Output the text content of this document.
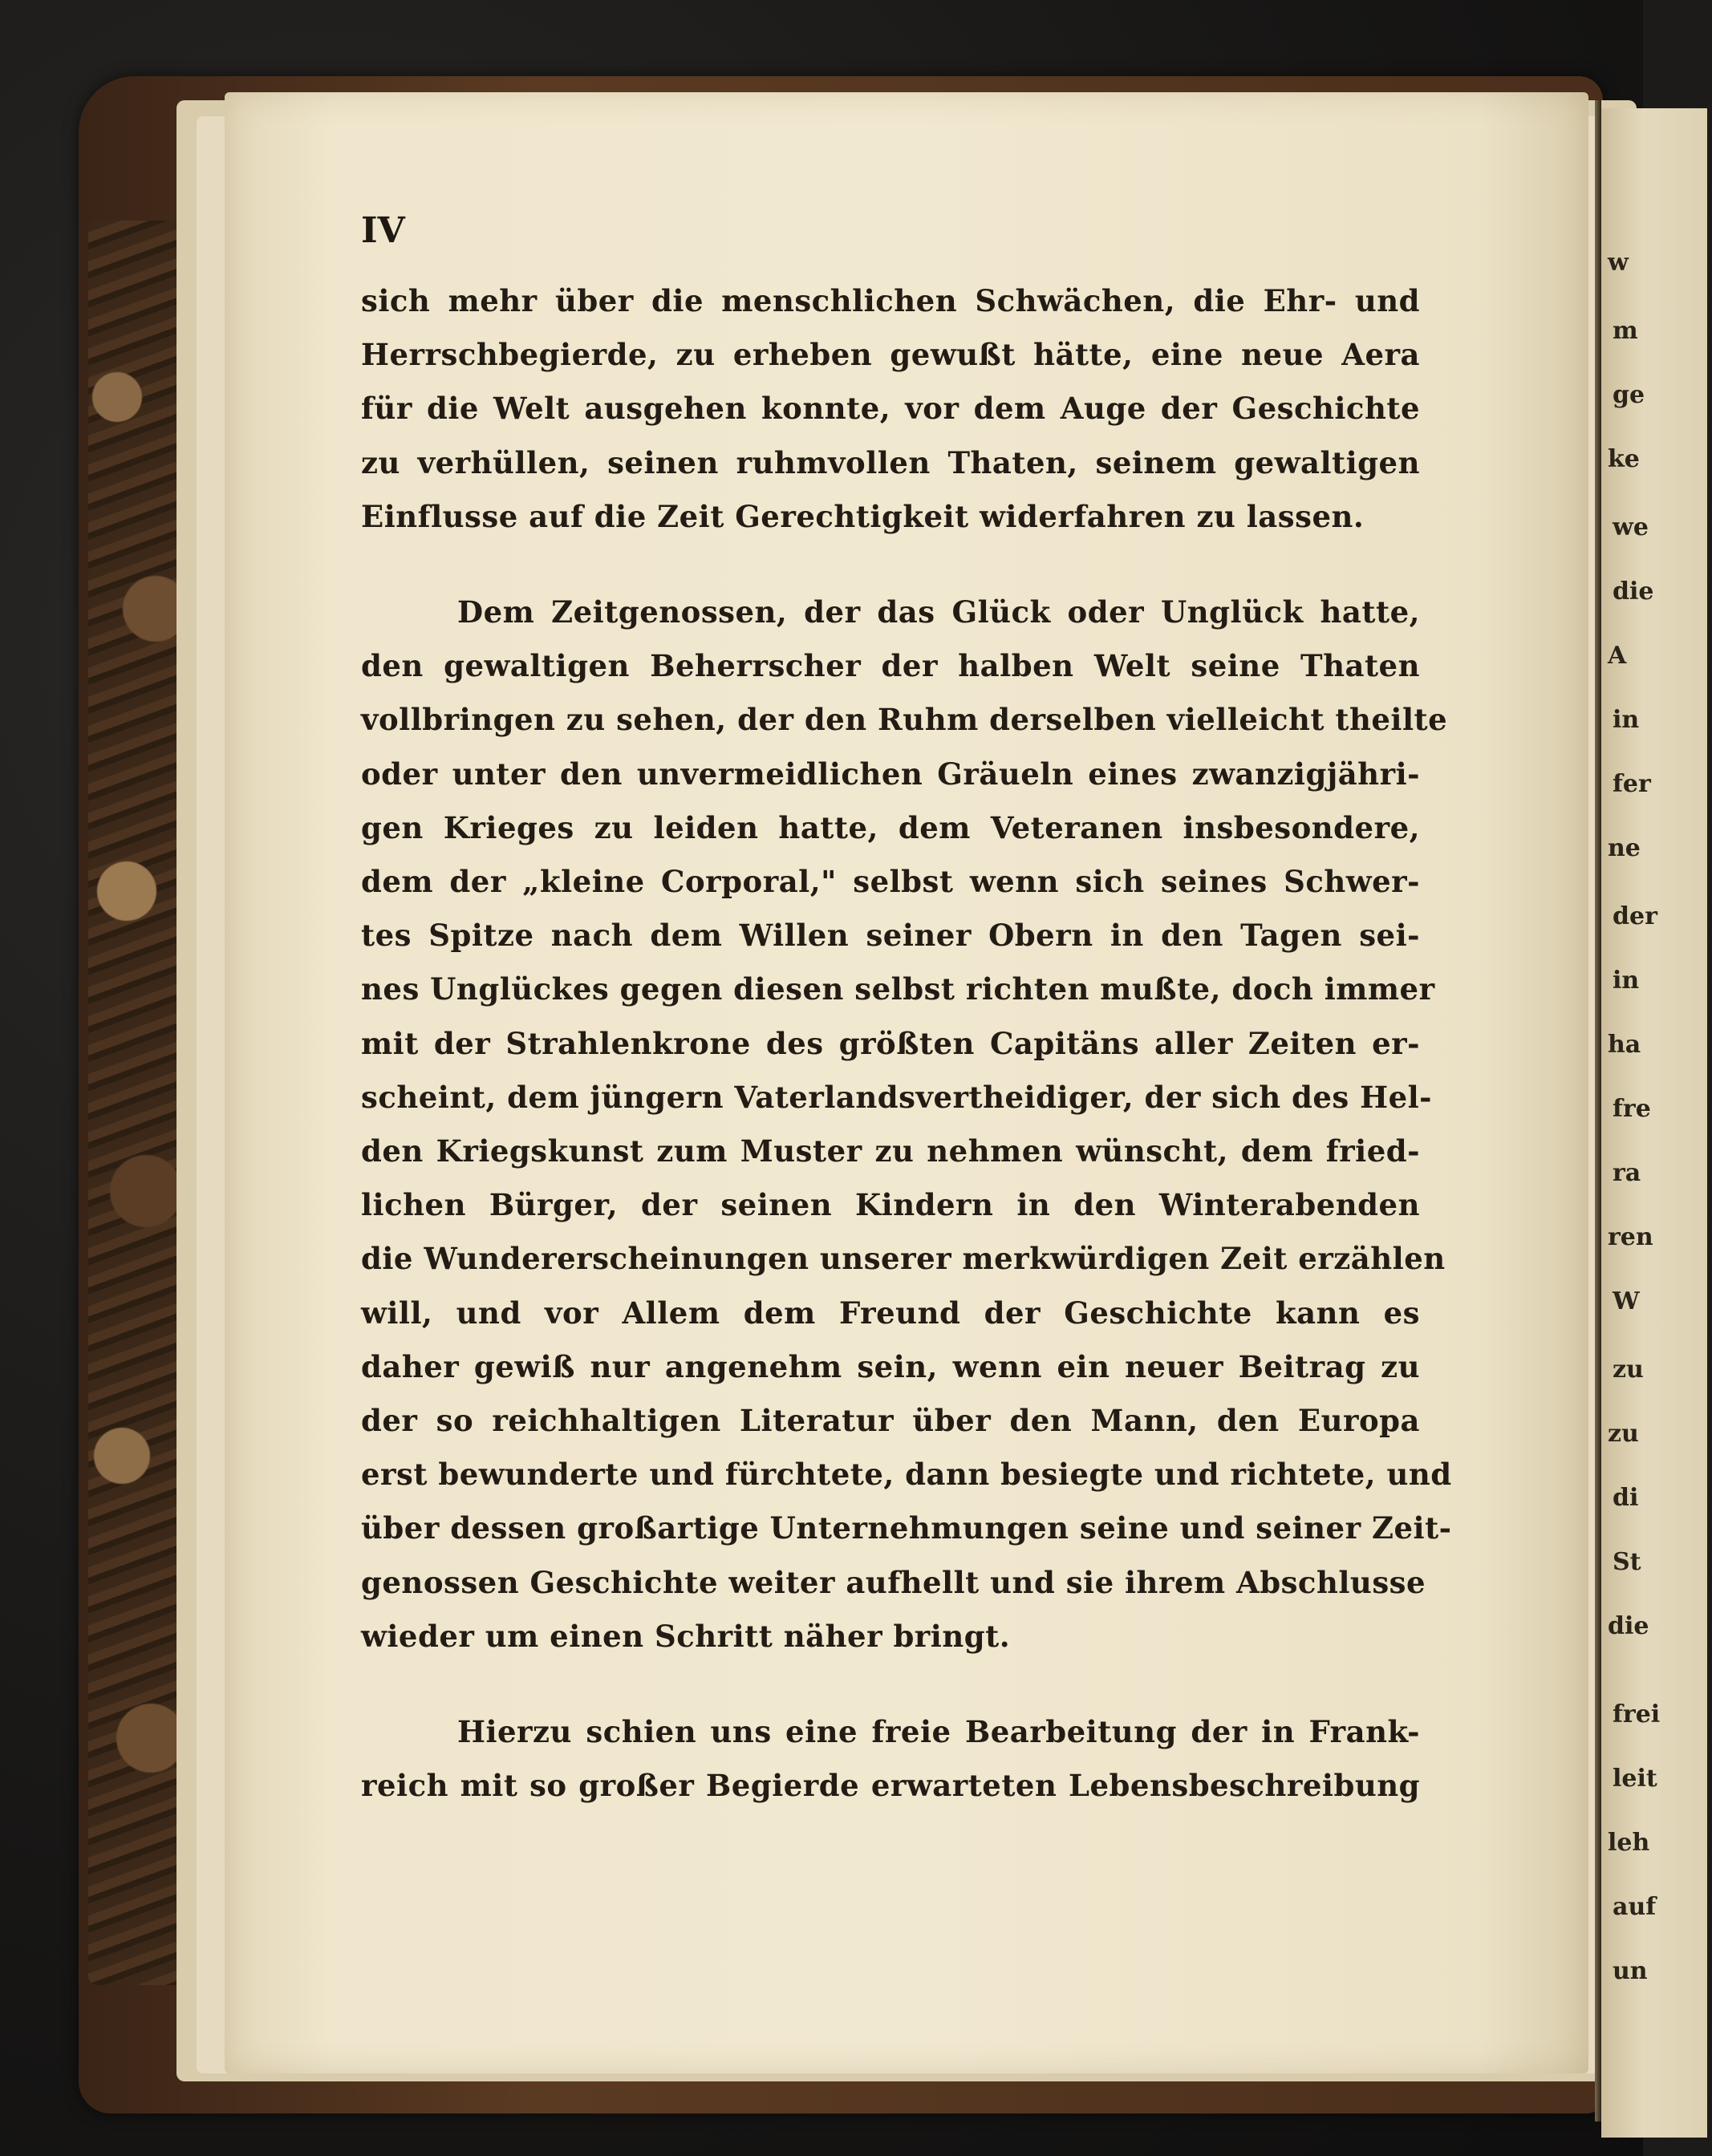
w
m
ge
ke
we
die
A
in
fer
ne
der
in
ha
fre
ra
ren
W
zu
zu
di
St
die
frei
leit
leh
auf
un
IV
sich mehr über die menschlichen Schwächen, die Ehr- und
Herrschbegierde, zu erheben gewußt hätte, eine neue Aera
für die Welt ausgehen konnte, vor dem Auge der Geschichte
zu verhüllen, seinen ruhmvollen Thaten, seinem gewaltigen
Einflusse auf die Zeit Gerechtigkeit widerfahren zu lassen.
Dem Zeitgenossen, der das Glück oder Unglück hatte,
den gewaltigen Beherrscher der halben Welt seine Thaten
vollbringen zu sehen, der den Ruhm derselben vielleicht theilte
oder unter den unvermeidlichen Gräueln eines zwanzigjähri-
gen Krieges zu leiden hatte, dem Veteranen insbesondere,
dem der „kleine Corporal," selbst wenn sich seines Schwer-
tes Spitze nach dem Willen seiner Obern in den Tagen sei-
nes Unglückes gegen diesen selbst richten mußte, doch immer
mit der Strahlenkrone des größten Capitäns aller Zeiten er-
scheint, dem jüngern Vaterlandsvertheidiger, der sich des Hel-
den Kriegskunst zum Muster zu nehmen wünscht, dem fried-
lichen Bürger, der seinen Kindern in den Winterabenden
die Wundererscheinungen unserer merkwürdigen Zeit erzählen
will, und vor Allem dem Freund der Geschichte kann es
daher gewiß nur angenehm sein, wenn ein neuer Beitrag zu
der so reichhaltigen Literatur über den Mann, den Europa
erst bewunderte und fürchtete, dann besiegte und richtete, und
über dessen großartige Unternehmungen seine und seiner Zeit-
genossen Geschichte weiter aufhellt und sie ihrem Abschlusse
wieder um einen Schritt näher bringt.
Hierzu schien uns eine freie Bearbeitung der in Frank-
reich mit so großer Begierde erwarteten Lebensbeschreibung
